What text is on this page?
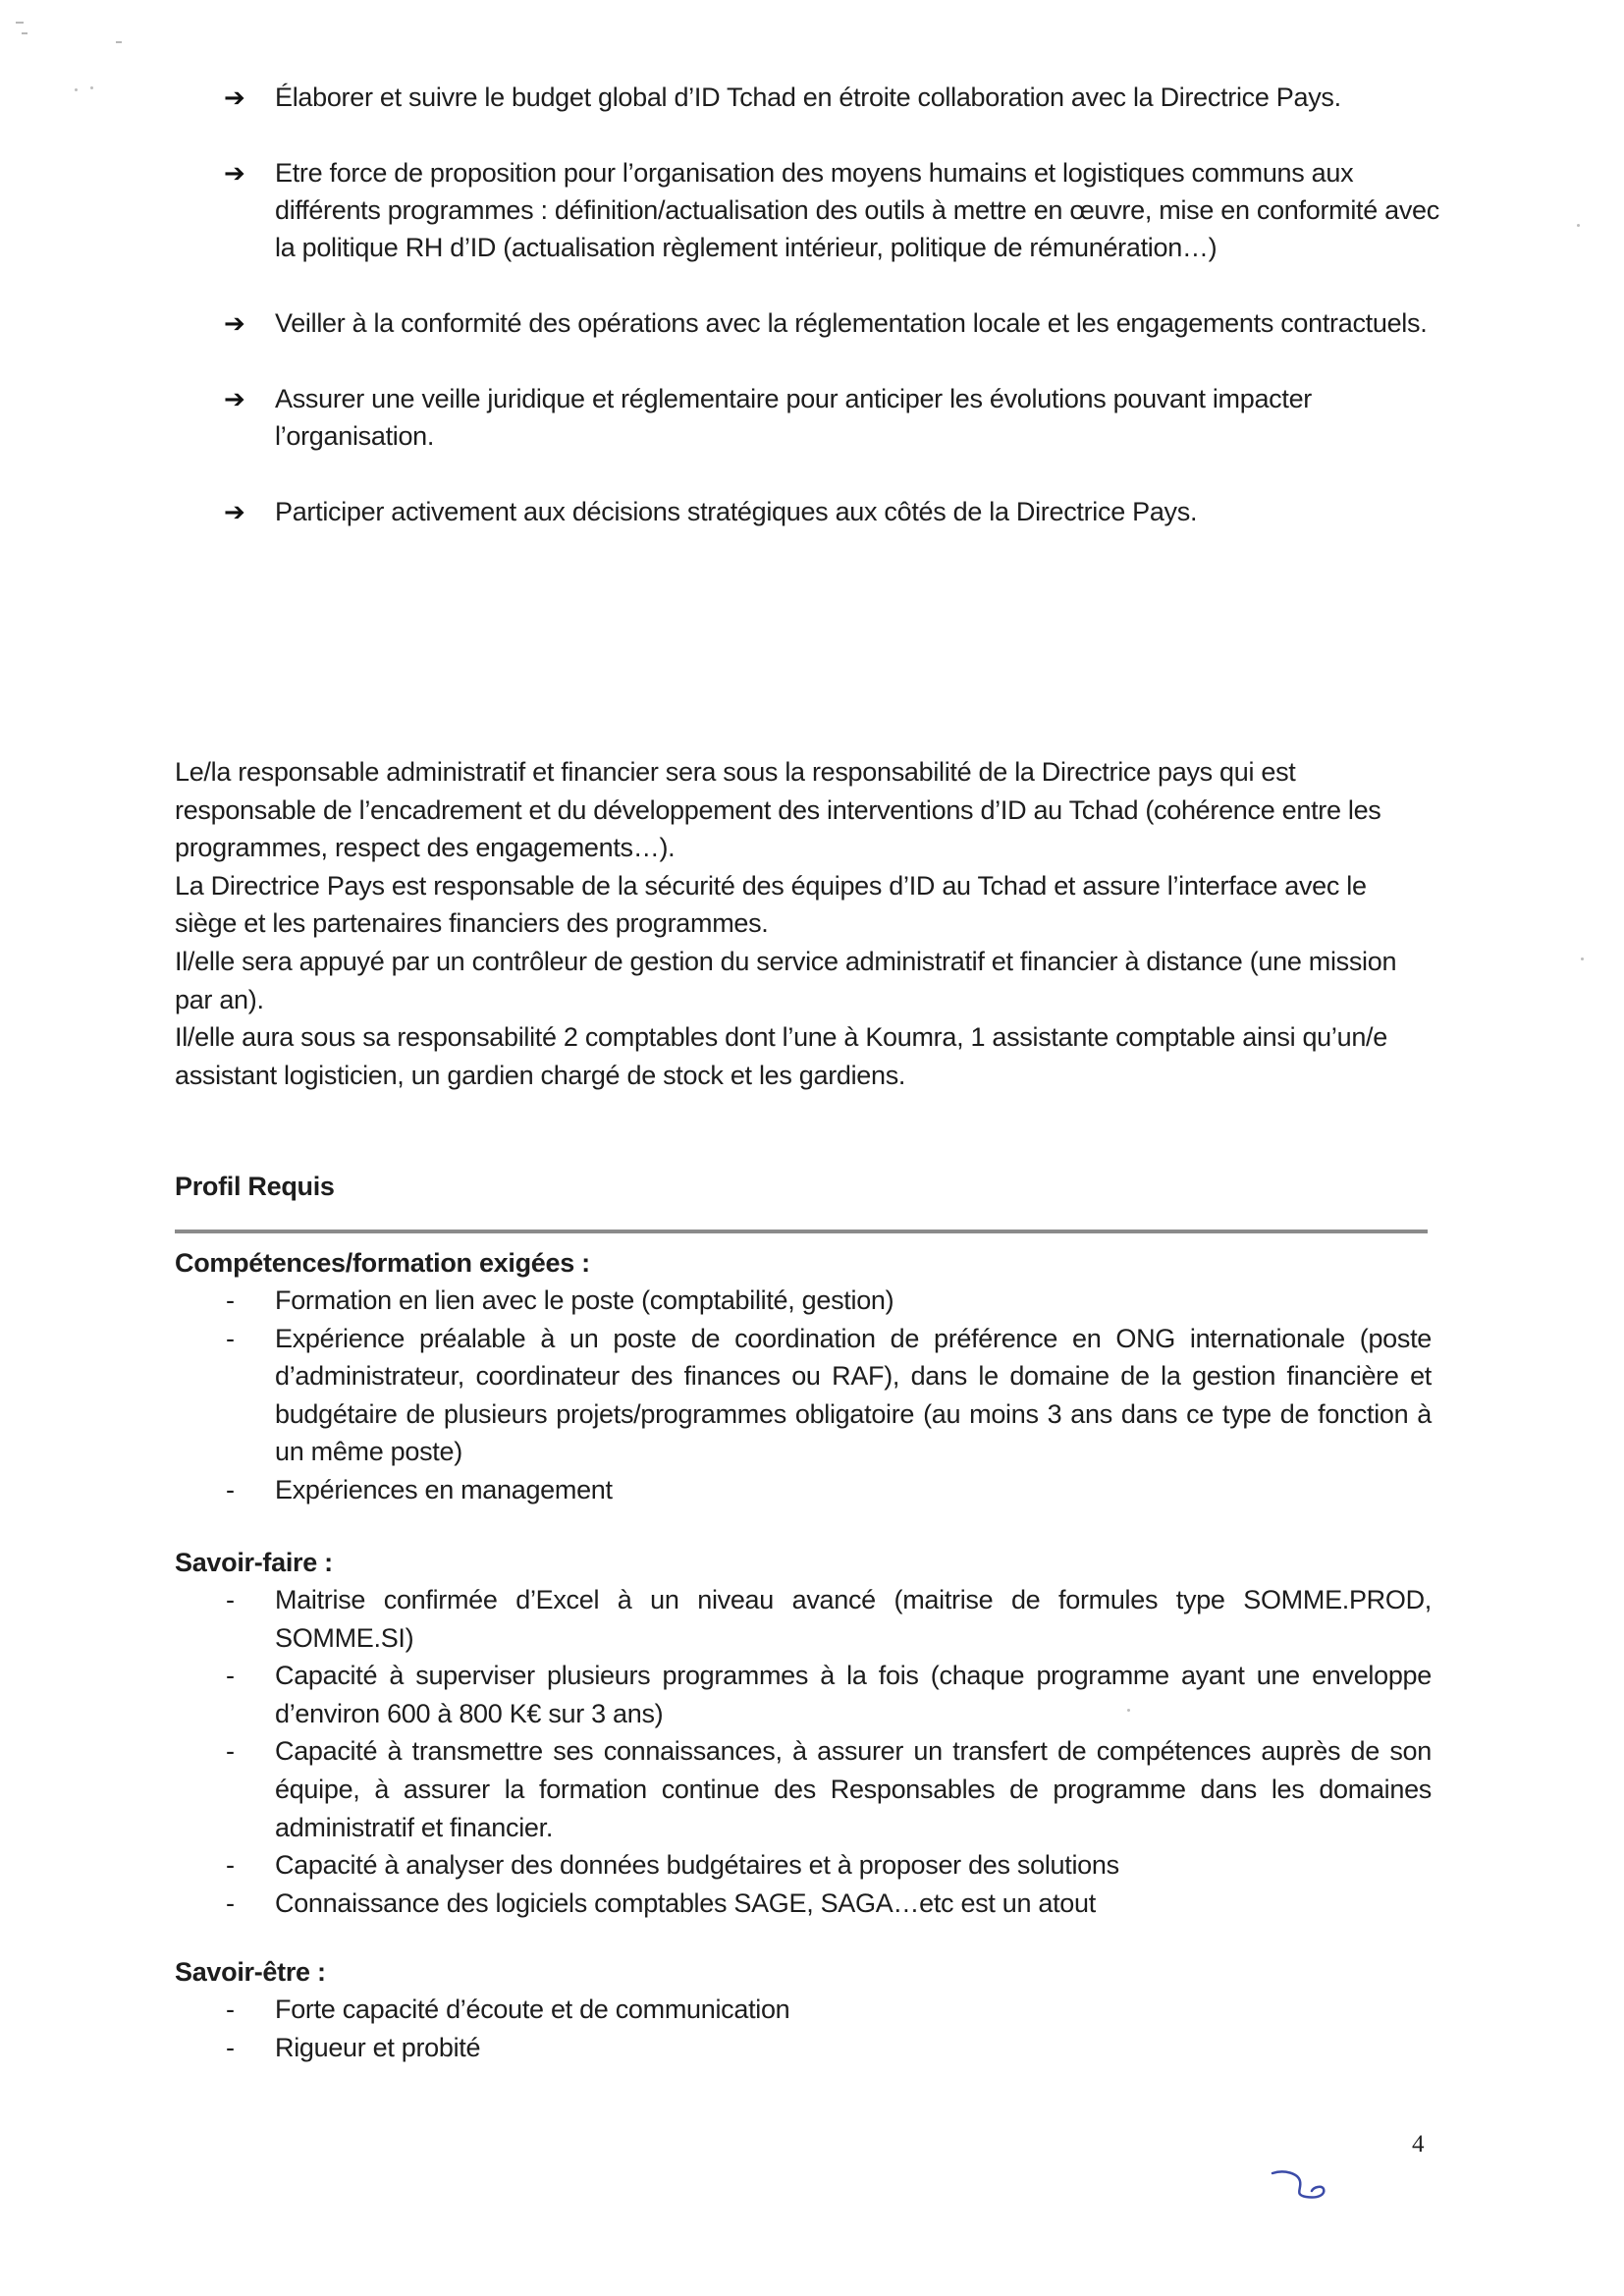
➔ Élaborer et suivre le budget global d’ID Tchad en étroite collaboration avec la Directrice Pays.
➔ Etre force de proposition pour l’organisation des moyens humains et logistiques communs aux différents programmes : définition/actualisation des outils à mettre en œuvre, mise en conformité avec la politique RH d’ID (actualisation règlement intérieur, politique de rémunération…)
➔ Veiller à la conformité des opérations avec la réglementation locale et les engagements contractuels.
➔ Assurer une veille juridique et réglementaire pour anticiper les évolutions pouvant impacter l’organisation.
➔ Participer activement aux décisions stratégiques aux côtés de la Directrice Pays.

Le/la responsable administratif et financier sera sous la responsabilité de la Directrice pays qui est responsable de l’encadrement et du développement des interventions d’ID au Tchad (cohérence entre les programmes, respect des engagements…).

La Directrice Pays est responsable de la sécurité des équipes d’ID au Tchad et assure l’interface avec le siège et les partenaires financiers des programmes.

Il/elle sera appuyé par un contrôleur de gestion du service administratif et financier à distance (une mission par an).

Il/elle aura sous sa responsabilité 2 comptables dont l’une à Koumra, 1 assistante comptable ainsi qu’un/e assistant logisticien, un gardien chargé de stock et les gardiens.

Profil Requis
Compétences/formation exigées :
- Formation en lien avec le poste (comptabilité, gestion)
- Expérience préalable à un poste de coordination de préférence en ONG internationale (poste d’administrateur, coordinateur des finances ou RAF), dans le domaine de la gestion financière et budgétaire de plusieurs projets/programmes obligatoire (au moins 3 ans dans ce type de fonction à un même poste)
- Expériences en management
Savoir-faire :
- Maitrise confirmée d’Excel à un niveau avancé (maitrise de formules type SOMME.PROD, SOMME.SI)
- Capacité à superviser plusieurs programmes à la fois (chaque programme ayant une enveloppe d’environ 600 à 800 K€ sur 3 ans)
- Capacité à transmettre ses connaissances, à assurer un transfert de compétences auprès de son équipe, à assurer la formation continue des Responsables de programme dans les domaines administratif et financier.
- Capacité à analyser des données budgétaires et à proposer des solutions
- Connaissance des logiciels comptables SAGE, SAGA…etc est un atout
Savoir-être :
- Forte capacité d’écoute et de communication
- Rigueur et probité
4
